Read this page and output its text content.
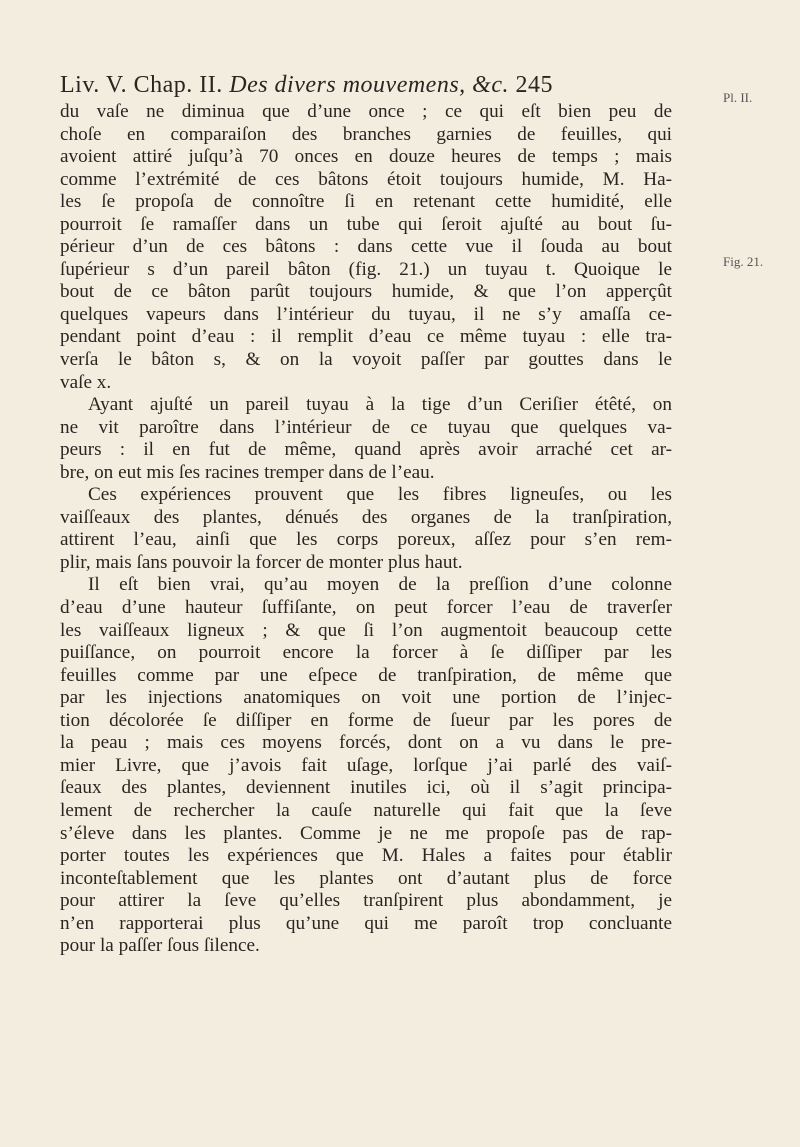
Liv. V. Chap. II. Des divers mouvemens, &c. 245	Pl. II.
Fig. 21.
du vaſe ne diminua que d’une once ; ce qui eſt bien peu de
choſe en comparaiſon des branches garnies de feuilles, qui
avoient attiré juſqu’à 70 onces en douze heures de temps ; mais
comme l’extrémité de ces bâtons étoit toujours humide, M. Ha-
les ſe propoſa de connoître ſi en retenant cette humidité, elle
pourroit ſe ramaſſer dans un tube qui ſeroit ajuſté au bout ſu-
périeur d’un de ces bâtons : dans cette vue il ſouda au bout
ſupérieur s d’un pareil bâton (fig. 21.) un tuyau t. Quoique le
bout de ce bâton parût toujours humide, & que l’on apperçût
quelques vapeurs dans l’intérieur du tuyau, il ne s’y amaſſa ce-
pendant point d’eau : il remplit d’eau ce même tuyau : elle tra-
verſa le bâton s, & on la voyoit paſſer par gouttes dans le
vaſe x.
Ayant ajuſté un pareil tuyau à la tige d’un Ceriſier étêté, on
ne vit paroître dans l’intérieur de ce tuyau que quelques va-
peurs : il en fut de même, quand après avoir arraché cet ar-
bre, on eut mis ſes racines tremper dans de l’eau.
Ces expériences prouvent que les fibres ligneuſes, ou les
vaiſſeaux des plantes, dénués des organes de la tranſpiration,
attirent l’eau, ainſi que les corps poreux, aſſez pour s’en rem-
plir, mais ſans pouvoir la forcer de monter plus haut.
Il eſt bien vrai, qu’au moyen de la preſſion d’une colonne
d’eau d’une hauteur ſuffiſante, on peut forcer l’eau de traverſer
les vaiſſeaux ligneux ; & que ſi l’on augmentoit beaucoup cette
puiſſance, on pourroit encore la forcer à ſe diſſiper par les
feuilles comme par une eſpece de tranſpiration, de même que
par les injections anatomiques on voit une portion de l’injec-
tion décolorée ſe diſſiper en forme de ſueur par les pores de
la peau ; mais ces moyens forcés, dont on a vu dans le pre-
mier Livre, que j’avois fait uſage, lorſque j’ai parlé des vaiſ-
ſeaux des plantes, deviennent inutiles ici, où il s’agit principa-
lement de rechercher la cauſe naturelle qui fait que la ſeve
s’éleve dans les plantes. Comme je ne me propoſe pas de rap-
porter toutes les expériences que M. Hales a faites pour établir
inconteſtablement que les plantes ont d’autant plus de force
pour attirer la ſeve qu’elles tranſpirent plus abondamment, je
n’en rapporterai plus qu’une qui me paroît trop concluante
pour la paſſer ſous ſilence.
